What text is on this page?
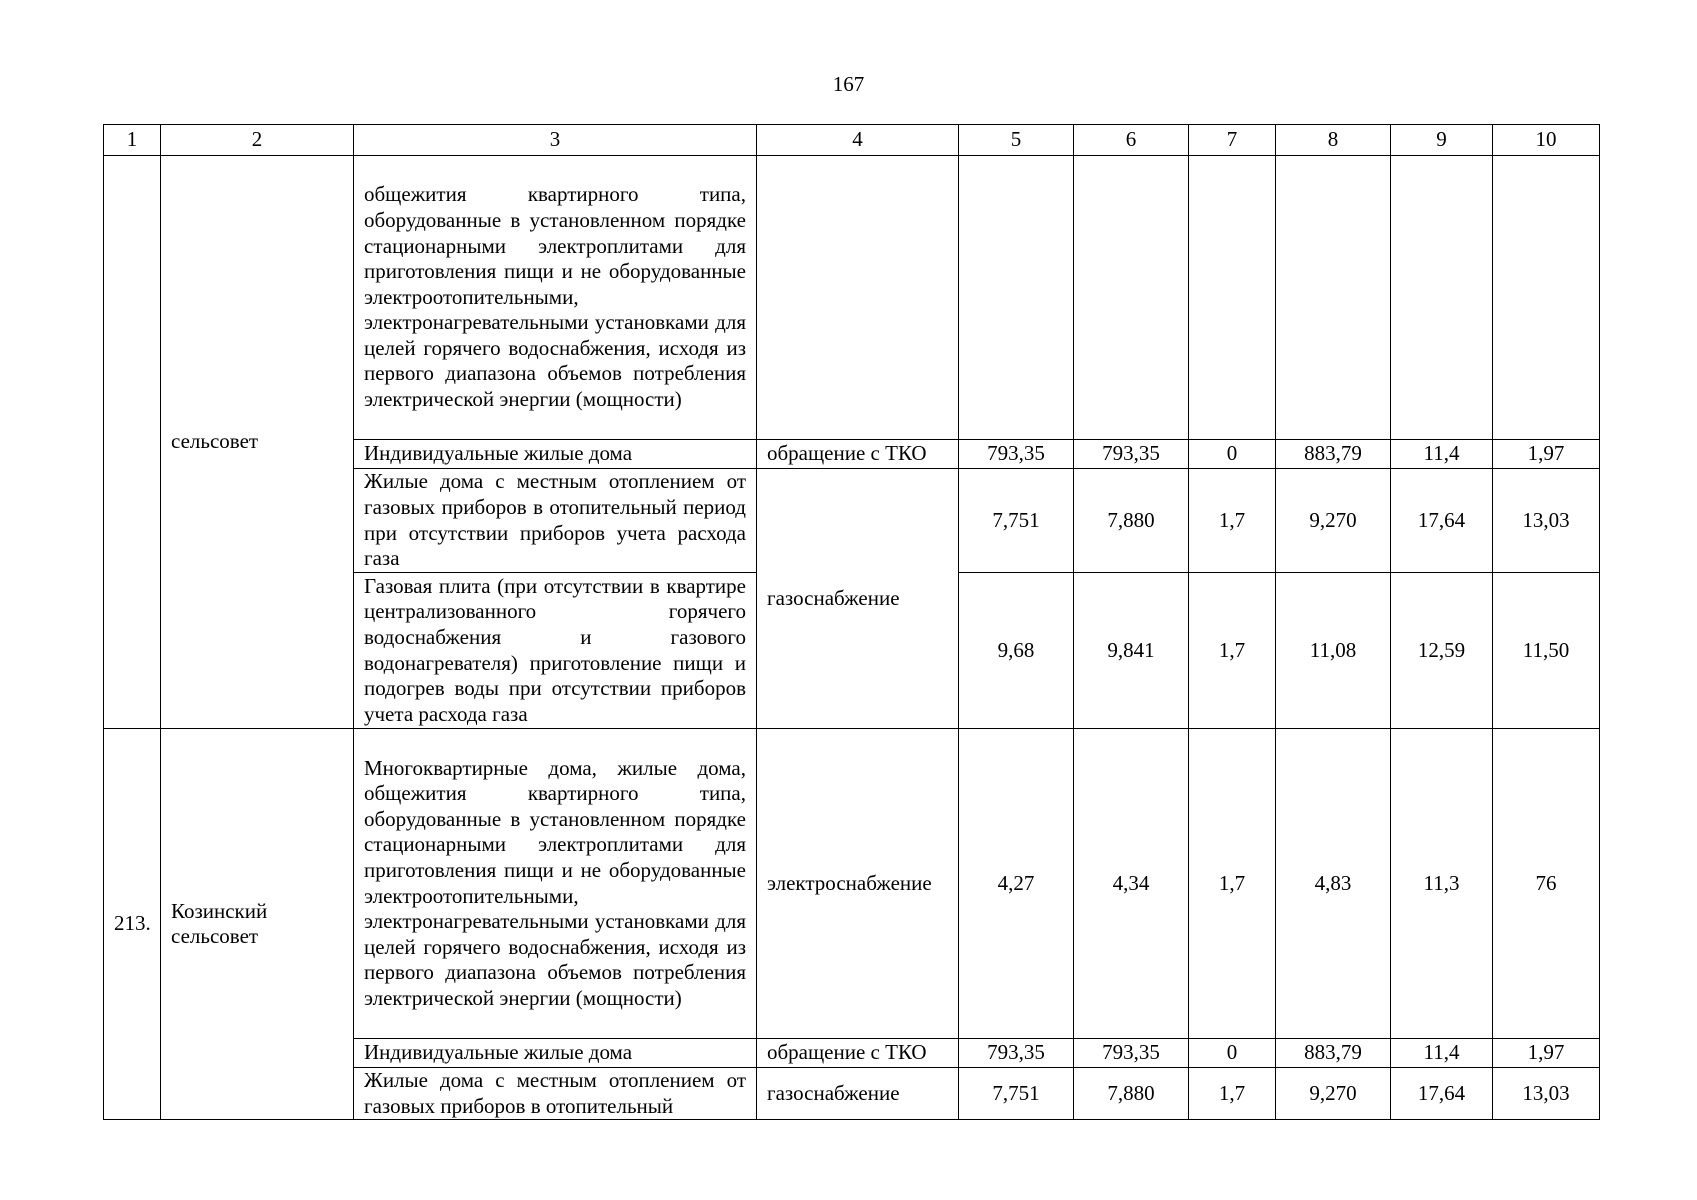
167
1	2	3	4	5	6	7	8	9	10
	сельсовет	общежития квартирного типа, оборудованные в установленном порядке стационарными электроплитами для приготовления пищи и не оборудованные электроотопительными, электронагревательными установками для целей горячего водоснабжения, исходя из первого диапазона объемов потребления электрической энергии (мощности)							
		Индивидуальные жилые дома	обращение с ТКО	793,35	793,35	0	883,79	11,4	1,97
		Жилые дома с местным отоплением от газовых приборов в отопительный период при отсутствии приборов учета расхода газа	газоснабжение	7,751	7,880	1,7	9,270	17,64	13,03
		Газовая плита (при отсутствии в квартире централизованного горячего водоснабжения и газового водонагревателя) приготовление пищи и подогрев воды при отсутствии приборов учета расхода газа		9,68	9,841	1,7	11,08	12,59	11,50
213.	Козинский сельсовет	Многоквартирные дома, жилые дома, общежития квартирного типа, оборудованные в установленном порядке стационарными электроплитами для приготовления пищи и не оборудованные электроотопительными, электронагревательными установками для целей горячего водоснабжения, исходя из первого диапазона объемов потребления электрической энергии (мощности)	электроснабжение	4,27	4,34	1,7	4,83	11,3	76
		Индивидуальные жилые дома	обращение с ТКО	793,35	793,35	0	883,79	11,4	1,97
		Жилые дома с местным отоплением от газовых приборов в отопительный	газоснабжение	7,751	7,880	1,7	9,270	17,64	13,03
